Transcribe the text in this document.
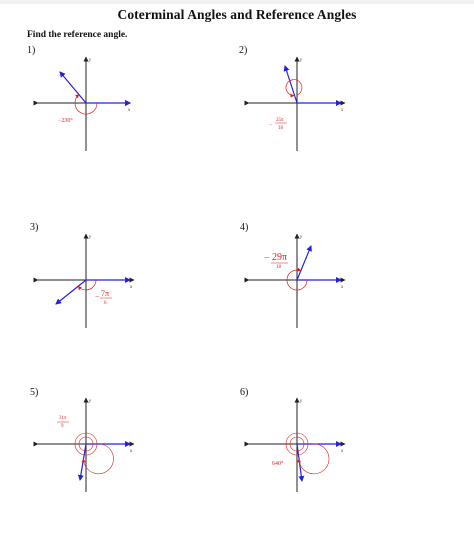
Coterminal Angles and Reference Angles
Find the reference angle.
1)	2)
3)	4)
5)	6)
x
y
−230°
x
y
−
25π
18
x
y
− 7π
6
x
y
− 29π
18
x
y
31π
9
x
y
640°
